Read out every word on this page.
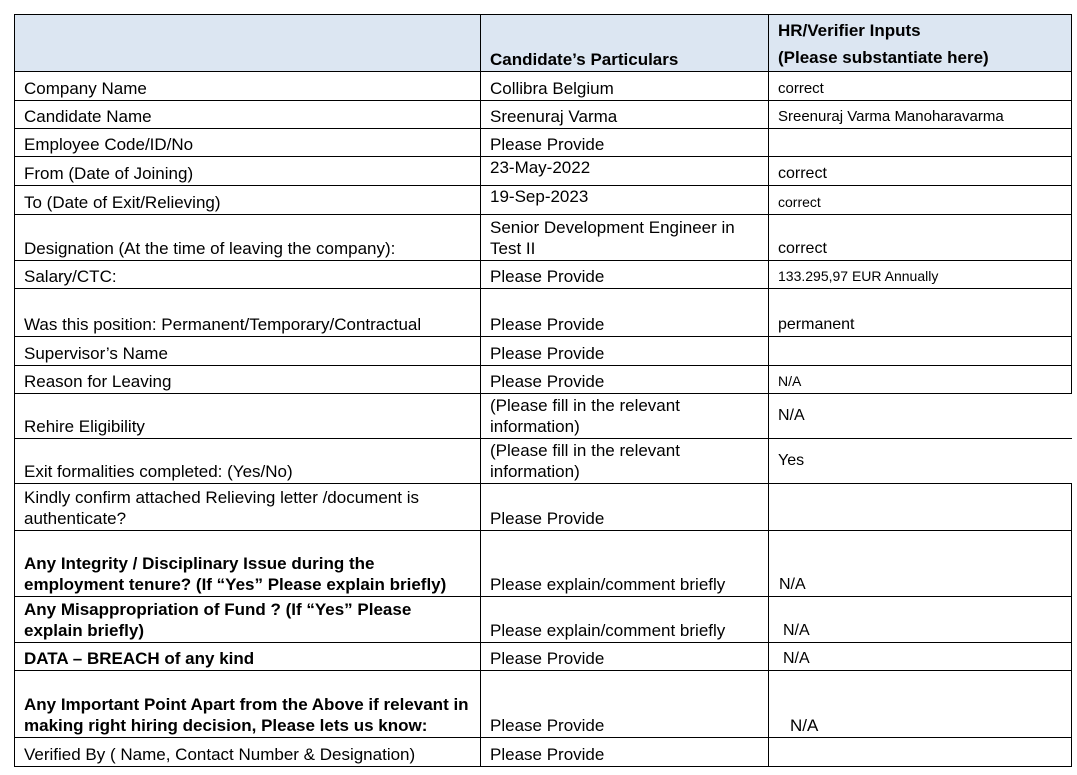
	Candidate’s Particulars	HR/Verifier Inputs
(Please substantiate here)

Company Name	Collibra Belgium	correct
Candidate Name	Sreenuraj Varma	Sreenuraj Varma Manoharavarma
Employee Code/ID/No	Please Provide	
From (Date of Joining)	23-May-2022	correct
To (Date of Exit/Relieving)	19-Sep-2023	correct
Designation (At the time of leaving the company):	Senior Development Engineer in Test II	correct
Salary/CTC:	Please Provide	133.295,97 EUR Annually
Was this position: Permanent/Temporary/Contractual	Please Provide	permanent
Supervisor’s Name	Please Provide	
Reason for Leaving	Please Provide	N/A
Rehire Eligibility	(Please fill in the relevant information)	N/A
Exit formalities completed: (Yes/No)	(Please fill in the relevant information)	Yes
Kindly confirm attached Relieving letter /document is authenticate?	Please Provide	
Any Integrity / Disciplinary Issue during the employment tenure? (If “Yes” Please explain briefly)	Please explain/comment briefly	N/A
Any Misappropriation of Fund ? (If “Yes” Please explain briefly)	Please explain/comment briefly	N/A
DATA – BREACH of any kind	Please Provide	N/A
Any Important Point Apart from the Above if relevant in making right hiring decision, Please lets us know:	Please Provide	N/A
Verified By ( Name, Contact Number & Designation)	Please Provide	
